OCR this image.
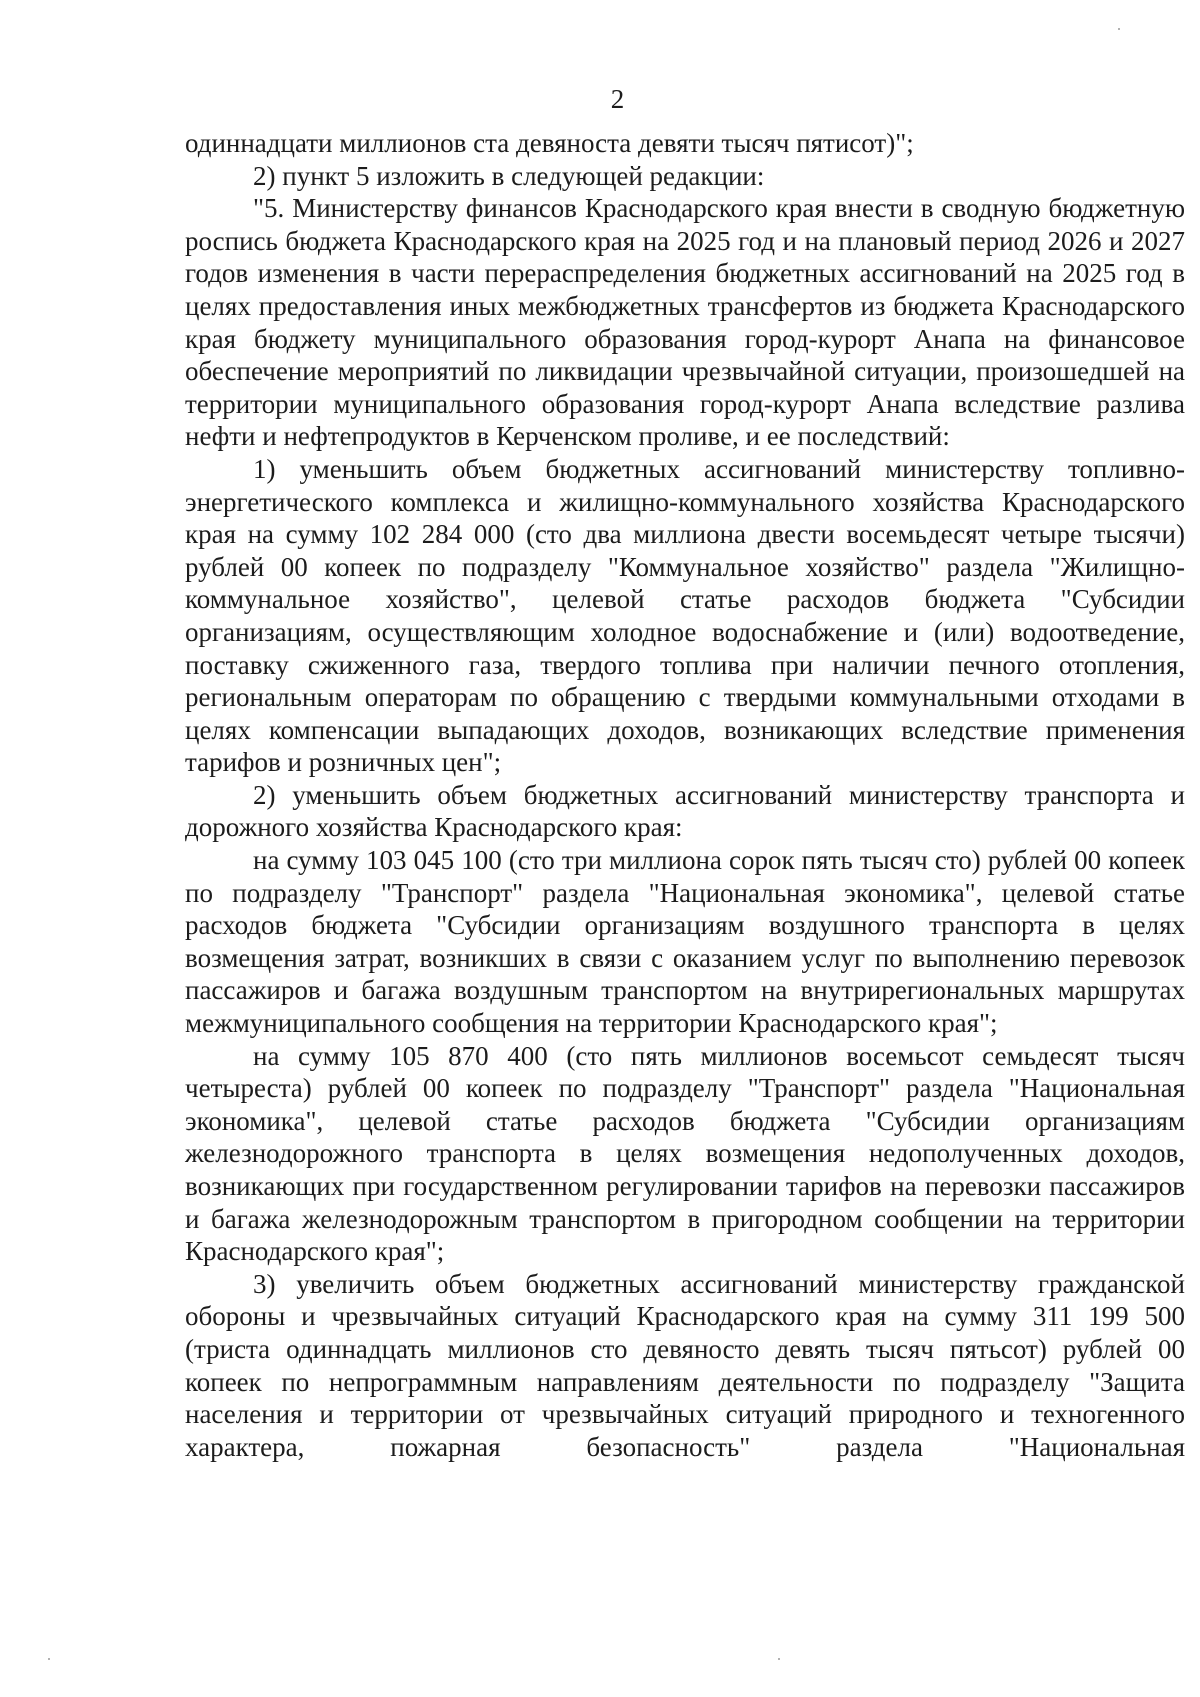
2

одиннадцати миллионов ста девяноста девяти тысяч пятисот)";

2) пункт 5 изложить в следующей редакции:

"5. Министерству финансов Краснодарского края внести в сводную бюджетную роспись бюджета Краснодарского края на 2025 год и на плановый период 2026 и 2027 годов изменения в части перераспределения бюджетных ассигнований на 2025 год в целях предоставления иных межбюджетных трансфертов из бюджета Краснодарского края бюджету муниципального образования город-курорт Анапа на финансовое обеспечение мероприятий по ликвидации чрезвычайной ситуации, произошедшей на территории муниципального образования город-курорт Анапа вследствие разлива нефти и нефтепродуктов в Керченском проливе, и ее последствий:

1) уменьшить объем бюджетных ассигнований министерству топливно-энергетического комплекса и жилищно-коммунального хозяйства Краснодарского края на сумму 102 284 000 (сто два миллиона двести восемьдесят четыре тысячи) рублей 00 копеек по подразделу "Коммунальное хозяйство" раздела "Жилищно-коммунальное хозяйство", целевой статье расходов бюджета "Субсидии организациям, осуществляющим холодное водоснабжение и (или) водоотведение, поставку сжиженного газа, твердого топлива при наличии печного отопления, региональным операторам по обращению с твердыми коммунальными отходами в целях компенсации выпадающих доходов, возникающих вследствие применения тарифов и розничных цен";

2) уменьшить объем бюджетных ассигнований министерству транспорта и дорожного хозяйства Краснодарского края:

на сумму 103 045 100 (сто три миллиона сорок пять тысяч сто) рублей 00 копеек по подразделу "Транспорт" раздела "Национальная экономика", целевой статье расходов бюджета "Субсидии организациям воздушного транспорта в целях возмещения затрат, возникших в связи с оказанием услуг по выполнению перевозок пассажиров и багажа воздушным транспортом на внутрирегиональных маршрутах межмуниципального сообщения на территории Краснодарского края";

на сумму 105 870 400 (сто пять миллионов восемьсот семьдесят тысяч четыреста) рублей 00 копеек по подразделу "Транспорт" раздела "Национальная экономика", целевой статье расходов бюджета "Субсидии организациям железнодорожного транспорта в целях возмещения недополученных доходов, возникающих при государственном регулировании тарифов на перевозки пассажиров и багажа железнодорожным транспортом в пригородном сообщении на территории Краснодарского края";

3) увеличить объем бюджетных ассигнований министерству гражданской обороны и чрезвычайных ситуаций Краснодарского края на сумму 311 199 500 (триста одиннадцать миллионов сто девяносто девять тысяч пятьсот) рублей 00 копеек по непрограммным направлениям деятельности по подразделу "Защита населения и территории от чрезвычайных ситуаций природного и техногенного характера, пожарная безопасность" раздела "Национальная
